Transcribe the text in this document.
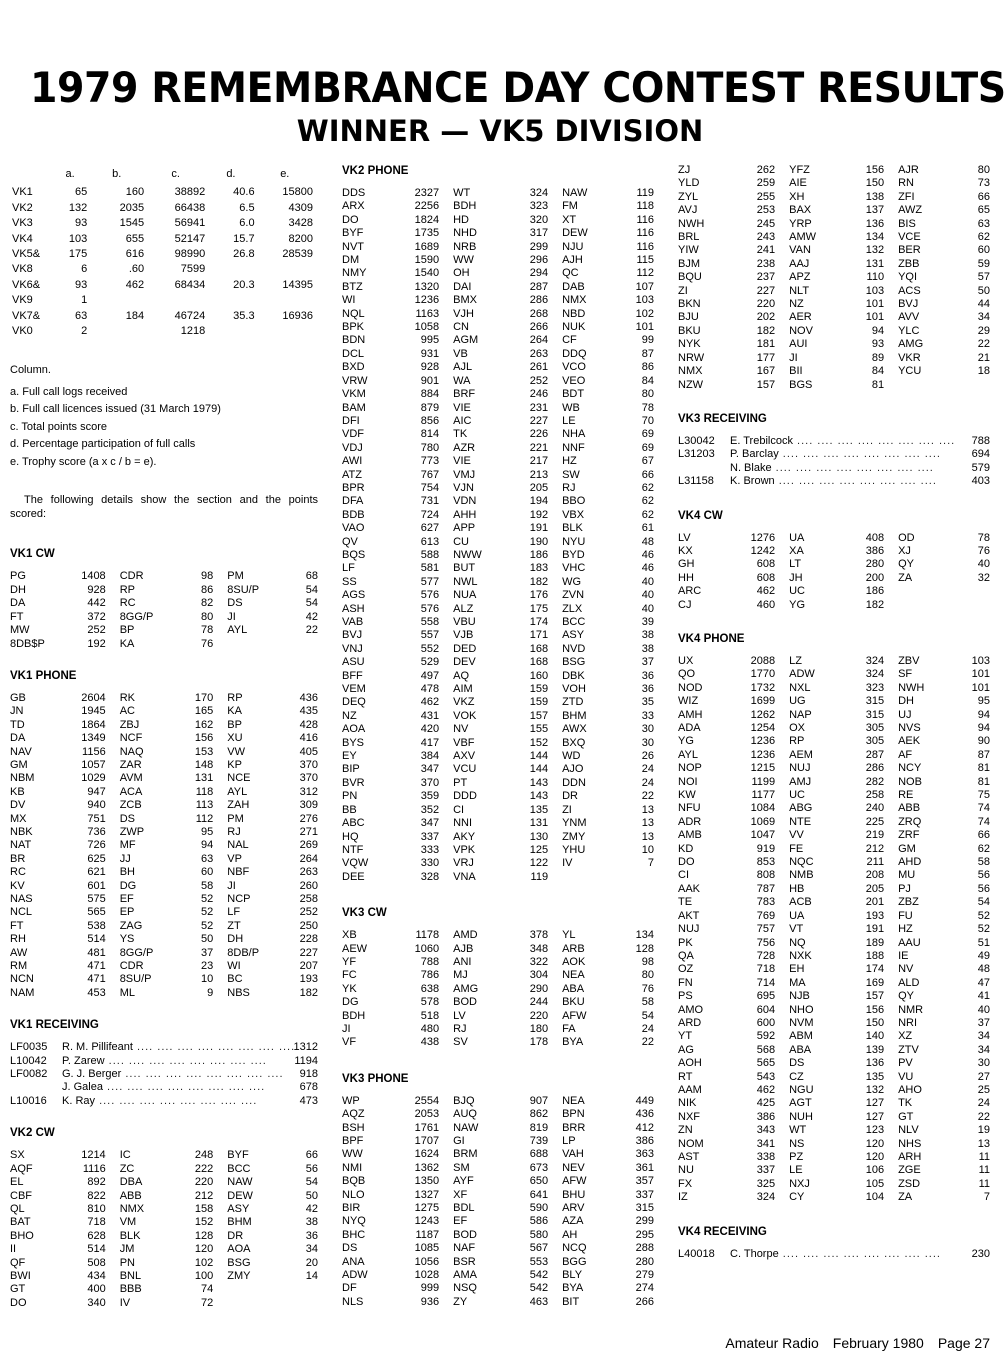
1979 REMEMBRANCE DAY CONTEST RESULTS
WINNER — VK5 DIVISION
	a.	b.	c.	d.	e.
VK1	65	160	38892	40.6	15800
VK2	132	2035	66438	6.5	4309
VK3	93	1545	56941	6.0	3428
VK4	103	655	52147	15.7	8200
VK5&	175	616	98990	26.8	28539
VK8	6	.60	7599		
VK6&	93	462	68434	20.3	14395
VK9	1				
VK7&	63	184	46724	35.3	16936
VK0	2		1218		

Column.

a. Full call logs received

b. Full call licences issued (31 March 1979)

c. Total points score

d. Percentage participation of full calls

e. Trophy score (a x c / b = e).

The following details show the section and the points scored:

VK1 CW
PG	1408	CDR	98	PM	68
DH	928	RP	86	8SU/P	54
DA	442	RC	82	DS	54
FT	372	8GG/P	80	JI	42
MW	252	BP	78	AYL	22
8DB$P	192	KA	76		
VK1 PHONE
GB	2604	RK	170	RP	436
JN	1945	AC	165	KA	435
TD	1864	ZBJ	162	BP	428
DA	1349	NCF	156	XU	416
NAV	1156	NAQ	153	VW	405
GM	1057	ZAR	148	KP	370
NBM	1029	AVM	131	NCE	370
KB	947	ACA	118	AYL	312
DV	940	ZCB	113	ZAH	309
MX	751	DS	112	PM	276
NBK	736	ZWP	95	RJ	271
NAT	726	MF	94	NAL	269
BR	625	JJ	63	VP	264
RC	621	BH	60	NBF	263
KV	601	DG	58	JI	260
NAS	575	EF	52	NCP	258
NCL	565	EP	52	LF	252
FT	538	ZAG	52	ZT	250
RH	514	YS	50	DH	228
AW	481	8GG/P	37	8DB/P	227
RM	471	CDR	23	WI	207
NCN	471	8SU/P	10	BC	193
NAM	453	ML	9	NBS	182
VK1 RECEIVING
LF0035	R. M. Pillifeant .... .... .... .... .... .... .... ....	1312
L10042	P. Zarew .... .... .... .... .... .... .... ....	1194
LF0082	G. J. Berger .... .... .... .... .... .... .... ....	918
	J. Galea .... .... .... .... .... .... .... ....	678
L10016	K. Ray .... .... .... .... .... .... .... ....	473
VK2 CW
SX	1214	IC	248	BYF	66
AQF	1116	ZC	222	BCC	56
EL	892	DBA	220	NAW	54
CBF	822	ABB	212	DEW	50
QL	810	NMX	158	ASY	42
BAT	718	VM	152	BHM	38
BHO	628	BLK	128	DR	36
II	514	JM	120	AOA	34
QF	508	PN	102	BSG	20
BWI	434	BNL	100	ZMY	14
GT	400	BBB	74		
DO	340	IV	72		
VK2 PHONE
DDS	2327	WT	324	NAW	119
ARX	2256	BDH	323	FM	118
DO	1824	HD	320	XT	116
BYF	1735	NHD	317	DEW	116
NVT	1689	NRB	299	NJU	116
DM	1590	WW	296	AJH	115
NMY	1540	OH	294	QC	112
BTZ	1320	DAI	287	DAB	107
WI	1236	BMX	286	NMX	103
NQL	1163	VJH	268	NBD	102
BPK	1058	CN	266	NUK	101
BDN	995	AGM	264	CF	99
DCL	931	VB	263	DDQ	87
BXD	928	AJL	261	VCO	86
VRW	901	WA	252	VEO	84
VKM	884	BRF	246	BDT	80
BAM	879	VIE	231	WB	78
DFI	856	AIC	227	LE	70
VDF	814	TK	226	NHA	69
VDJ	780	AZR	221	NNF	69
AWI	773	VIE	217	HZ	67
ATZ	767	VMJ	213	SW	66
BPR	754	VJN	205	RJ	62
DFA	731	VDN	194	BBO	62
BDB	724	AHH	192	VBX	62
VAO	627	APP	191	BLK	61
QV	613	CU	190	NYU	48
BQS	588	NWW	186	BYD	46
LF	581	BUT	183	VHC	46
SS	577	NWL	182	WG	40
AGS	576	NUA	176	ZVN	40
ASH	576	ALZ	175	ZLX	40
VAB	558	VBU	174	BCC	39
BVJ	557	VJB	171	ASY	38
VNJ	552	DED	168	NVD	38
ASU	529	DEV	168	BSG	37
BFF	497	AQ	160	DBK	36
VEM	478	AIM	159	VOH	36
DEQ	462	VKZ	159	ZTD	35
NZ	431	VOK	157	BHM	33
AOA	420	NV	155	AWX	30
BYS	417	VBF	152	BXQ	30
EY	384	AXV	144	WD	26
BIP	347	VCU	144	AJO	24
BVR	370	PT	143	DDN	24
PN	359	DDD	143	DR	22
BB	352	CI	135	ZI	13
ABC	347	NNI	131	YNM	13
HQ	337	AKY	130	ZMY	13
NTF	333	VPK	125	YHU	10
VQW	330	VRJ	122	IV	7
DEE	328	VNA	119		
VK3 CW
XB	1178	AMD	378	YL	134
AEW	1060	AJB	348	ARB	128
YF	788	ANI	322	AOK	98
FC	786	MJ	304	NEA	80
YK	638	AMG	290	ABA	76
DG	578	BOD	244	BKU	58
BDH	518	LV	220	AFW	54
JI	480	RJ	180	FA	24
VF	438	SV	178	BYA	22
VK3 PHONE
WP	2554	BJQ	907	NEA	449
AQZ	2053	AUQ	862	BPN	436
BSH	1761	NAW	819	BRR	412
BPF	1707	GI	739	LP	386
WW	1624	BRM	688	VAH	363
NMI	1362	SM	673	NEV	361
BQB	1350	AYF	650	AFW	357
NLO	1327	XF	641	BHU	337
BIR	1275	BDL	590	ARV	315
NYQ	1243	EF	586	AZA	299
BHC	1187	BOD	580	AH	295
DS	1085	NAF	567	NCQ	288
ANA	1056	BSR	553	BGG	280
ADW	1028	AMA	542	BLY	279
DF	999	NSQ	542	BYA	274
NLS	936	ZY	463	BIT	266
ZJ	262	YFZ	156	AJR	80
YLD	259	AIE	150	RN	73
ZYL	255	XH	138	ZFI	66
AVJ	253	BAX	137	AWZ	65
NWH	245	YRP	136	BIS	63
BRL	243	AMW	134	VCE	62
YIW	241	VAN	132	BER	60
BJM	238	AAJ	131	ZBB	59
BQU	237	APZ	110	YQI	57
ZI	227	NLT	103	ACS	50
BKN	220	NZ	101	BVJ	44
BJU	202	AER	101	AVV	34
BKU	182	NOV	94	YLC	29
NYK	181	AUI	93	AMG	22
NRW	177	JI	89	VKR	21
NMX	167	BII	84	YCU	18
NZW	157	BGS	81		
VK3 RECEIVING
L30042	E. Trebilcock .... .... .... .... .... .... .... ....	788
L31203	P. Barclay .... .... .... .... .... .... .... ....	694
	N. Blake .... .... .... .... .... .... .... ....	579
L31158	K. Brown .... .... .... .... .... .... .... ....	403
VK4 CW
LV	1276	UA	408	OD	78
KX	1242	XA	386	XJ	76
GH	608	LT	280	QY	40
HH	608	JH	200	ZA	32
ARC	462	UC	186		
CJ	460	YG	182		
VK4 PHONE
UX	2088	LZ	324	ZBV	103
QO	1770	ADW	324	SF	101
NOD	1732	NXL	323	NWH	101
WIZ	1699	UG	315	DH	95
AMH	1262	NAP	315	UJ	94
ADA	1254	OX	305	NVS	94
YG	1236	RP	305	AEK	90
AYL	1236	AEM	287	AF	87
NOP	1215	NUJ	286	NCY	81
NOI	1199	AMJ	282	NOB	81
KW	1177	UC	258	RE	75
NFU	1084	ABG	240	ABB	74
ADR	1069	NTE	225	ZRQ	74
AMB	1047	VV	219	ZRF	66
KD	919	FE	212	GM	62
DO	853	NQC	211	AHD	58
CI	808	NMB	208	MU	56
AAK	787	HB	205	PJ	56
TE	783	ACB	201	ZBZ	54
AKT	769	UA	193	FU	52
NUJ	757	VT	191	HZ	52
PK	756	NQ	189	AAU	51
QA	728	NXK	188	IE	49
OZ	718	EH	174	NV	48
FN	714	MA	169	ALD	47
PS	695	NJB	157	QY	41
AMO	604	NHO	156	NMR	40
ARD	600	NVM	150	NRI	37
YT	592	ABM	140	XZ	34
AG	568	ABA	139	ZTV	34
AOH	565	DS	136	PV	30
RT	543	CZ	135	VU	27
AAM	462	NGU	132	AHO	25
NIK	425	AGT	127	TK	24
NXF	386	NUH	127	GT	22
ZN	343	WT	123	NLV	19
NOM	341	NS	120	NHS	13
AST	338	PZ	120	ARH	11
NU	337	LE	106	ZGE	11
FX	325	NXJ	105	ZSD	11
IZ	324	CY	104	ZA	7
VK4 RECEIVING
L40018	C. Thorpe .... .... .... .... .... .... .... ....	230
Amateur Radio February 1980 Page 27
